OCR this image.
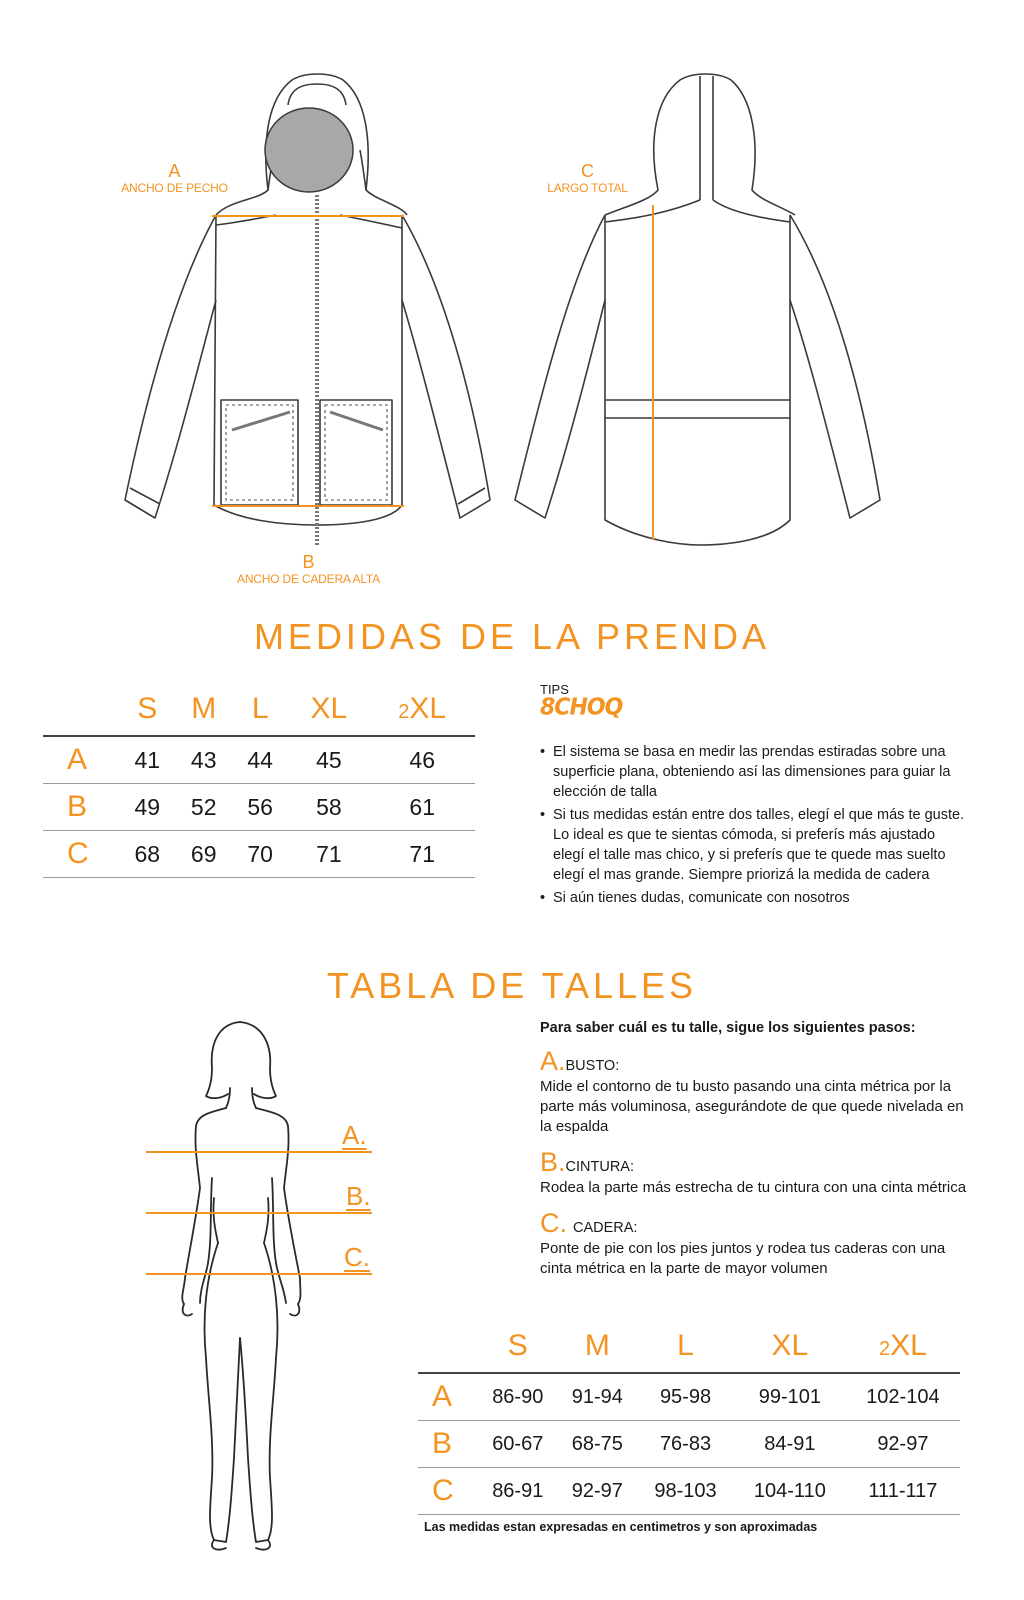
A
ANCHO DE PECHO
B
ANCHO DE CADERA ALTA
C
LARGO TOTAL
MEDIDAS DE LA PRENDA
	S	M	L	XL	2XL
A	41	43	44	45	46
B	49	52	56	58	61
C	68	69	70	71	71
TIPS
8CHOQ
• El sistema se basa en medir las prendas estiradas sobre una superficie plana, obteniendo así las dimensiones para guiar la elección de talla
• Si tus medidas están entre dos talles, elegí el que más te guste. Lo ideal es que te sientas cómoda, si preferís más ajustado elegí el talle mas chico, y si preferís que te quede mas suelto elegí el mas grande. Siempre priorizá la medida de cadera
• Si aún tienes dudas, comunicate con nosotros
TABLA DE TALLES
A.
B.
C.
Para saber cuál es tu talle, sigue los siguientes pasos:
A.BUSTO:
Mide el contorno de tu busto pasando una cinta métrica por la parte más voluminosa, asegurándote de que quede nivelada en la espalda
B.CINTURA:
Rodea la parte más estrecha de tu cintura con una cinta métrica
C. CADERA:
Ponte de pie con los pies juntos y rodea tus caderas con una cinta métrica en la parte de mayor volumen
	S	M	L	XL	2XL
A	86-90	91-94	95-98	99-101	102-104
B	60-67	68-75	76-83	84-91	92-97
C	86-91	92-97	98-103	104-110	111-117
Las medidas estan expresadas en centimetros y son aproximadas
